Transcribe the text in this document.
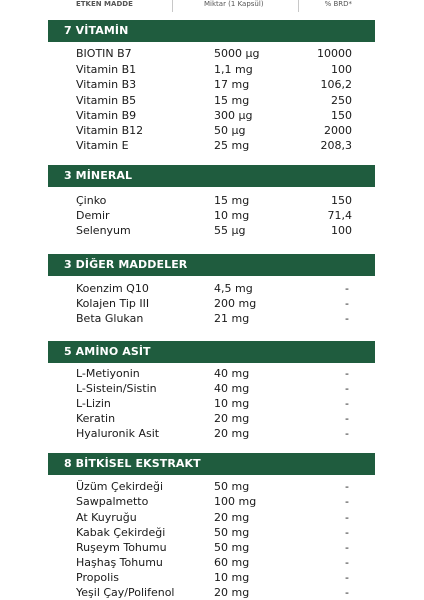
ETKEN MADDE	Miktar (1 Kapsül)	% BRD*
7 VİTAMİN
BIOTIN B7	5000 µg	10000
Vitamin B1	1,1 mg	100
Vitamin B3	17 mg	106,2
Vitamin B5	15 mg	250
Vitamin B9	300 µg	150
Vitamin B12	50 µg	2000
Vitamin E	25 mg	208,3
3 MİNERAL
Çinko	15 mg	150
Demir	10 mg	71,4
Selenyum	55 µg	100
3 DİĞER MADDELER
Koenzim Q10	4,5 mg	-
Kolajen Tip III	200 mg	-
Beta Glukan	21 mg	-
5 AMİNO ASİT
L-Metiyonin	40 mg	-
L-Sistein/Sistin	40 mg	-
L-Lizin	10 mg	-
Keratin	20 mg	-
Hyaluronik Asit	20 mg	-
8 BİTKİSEL EKSTRAKT
Üzüm Çekirdeği	50 mg	-
Sawpalmetto	100 mg	-
At Kuyruğu	20 mg	-
Kabak Çekirdeği	50 mg	-
Ruşeym Tohumu	50 mg	-
Haşhaş Tohumu	60 mg	-
Propolis	10 mg	-
Yeşil Çay/Polifenol	20 mg	-
